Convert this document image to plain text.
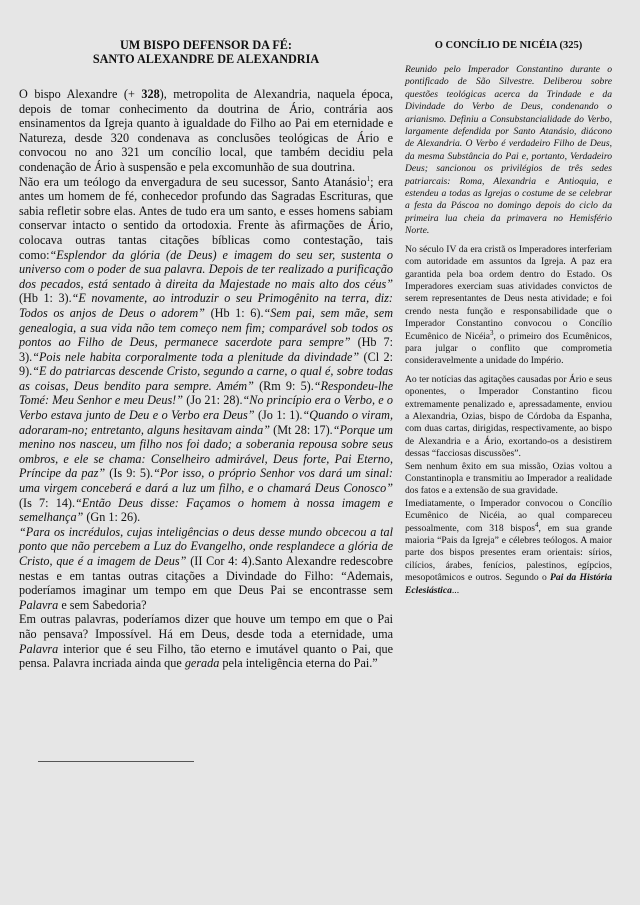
UM BISPO DEFENSOR DA FÉ:
SANTO ALEXANDRE DE ALEXANDRIA

O bispo Alexandre (+ 328), metropolita de Alexandria, naquela época, depois de tomar conhecimento da doutrina de Ário, contrária aos ensinamentos da Igreja quanto à igualdade do Filho ao Pai em eternidade e Natureza, desde 320 condenava as conclusões teológicas de Ário e convocou no ano 321 um concílio local, que também decidiu pela condenação de Ário à suspensão e pela excomunhão de sua doutrina.

Não era um teólogo da envergadura de seu sucessor, Santo Atanásio$^1$; era antes um homem de fé, conhecedor profundo das Sagradas Escrituras, que sabia refletir sobre elas. Antes de tudo era um santo, e esses homens sabiam conservar intacto o sentido da ortodoxia. Frente às afirmações de Ário, colocava outras tantas citações bíblicas como contestação, tais como:“Esplendor da glória (de Deus) e imagem do seu ser, sustenta o universo com o poder de sua palavra. Depois de ter realizado a purificação dos pecados, está sentado à direita da Majestade no mais alto dos céus” (Hb 1: 3).“E novamente, ao introduzir o seu Primogênito na terra, diz: Todos os anjos de Deus o adorem” (Hb 1: 6).“Sem pai, sem mãe, sem genealogia, a sua vida não tem começo nem fim; comparável sob todos os pontos ao Filho de Deus, permanece sacerdote para sempre” (Hb 7: 3).“Pois nele habita corporalmente toda a plenitude da divindade” (Cl 2: 9).“E do patriarcas descende Cristo, segundo a carne, o qual é, sobre todas as coisas, Deus bendito para sempre. Amém” (Rm 9: 5).“Respondeu-lhe Tomé: Meu Senhor e meu Deus!” (Jo 21: 28).“No princípio era o Verbo, e o Verbo estava junto de Deu e o Verbo era Deus” (Jo 1: 1).“Quando o viram, adoraram-no; entretanto, alguns hesitavam ainda” (Mt 28: 17).“Porque um menino nos nasceu, um filho nos foi dado; a soberania repousa sobre seus ombros, e ele se chama: Conselheiro admirável, Deus forte, Pai Eterno, Príncipe da paz” (Is 9: 5).“Por isso, o próprio Senhor vos dará um sinal: uma virgem conceberá e dará a luz um filho, e o chamará Deus Conosco” (Is 7: 14).“Então Deus disse: Façamos o homem à nossa imagem e semelhança” (Gn 1: 26).

“Para os incrédulos, cujas inteligências o deus desse mundo obcecou a tal ponto que não percebem a Luz do Evangelho, onde resplandece a glória de Cristo, que é a imagem de Deus” (II Cor 4: 4).Santo Alexandre redescobre nestas e em tantas outras citações a Divindade do Filho: “Ademais, poderíamos imaginar um tempo em que Deus Pai se encontrasse sem Palavra e sem Sabedoria?

Em outras palavras, poderíamos dizer que houve um tempo em que o Pai não pensava? Impossível. Há em Deus, desde toda a eternidade, uma Palavra interior que é seu Filho, tão eterno e imutável quanto o Pai, que pensa. Palavra incriada ainda que gerada pela inteligência eterna do Pai.”

O CONCÍLIO DE NICÉIA (325)

Reunido pelo Imperador Constantino durante o pontificado de São Silvestre. Deliberou sobre questões teológicas acerca da Trindade e da Divindade do Verbo de Deus, condenando o arianismo. Definiu a Consubstancialidade do Verbo, largamente defendida por Santo Atanásio, diácono de Alexandria. O Verbo é verdadeiro Filho de Deus, da mesma Substância do Pai e, portanto, Verdadeiro Deus; sancionou os privilégios de três sedes patriarcais: Roma, Alexandria e Antioquia, e estendeu a todas as Igrejas o costume de se celebrar a festa da Páscoa no domingo depois do ciclo da primeira lua cheia da primavera no Hemisfério Norte.

No século IV da era cristã os Imperadores interferiam com autoridade em assuntos da Igreja. A paz era garantida pela boa ordem dentro do Estado. Os Imperadores exerciam suas atividades convictos de serem representantes de Deus nesta atividade; e foi crendo nesta função e responsabilidade que o Imperador Constantino convocou o Concílio Ecumênico de Nicéia$^3$, o primeiro dos Ecumênicos, para julgar o conflito que comprometia consideravelmente a unidade do Império.

Ao ter notícias das agitações causadas por Ário e seus oponentes, o Imperador Constantino ficou extremamente penalizado e, apressadamente, enviou a Alexandria, Ozias, bispo de Córdoba da Espanha, com duas cartas, dirigidas, respectivamente, ao bispo de Alexandria e a Ário, exortando-os a desistirem dessas “facciosas discussões”.

Sem nenhum êxito em sua missão, Ozias voltou a Constantinopla e transmitiu ao Imperador a realidade dos fatos e a extensão de sua gravidade.

Imediatamente, o Imperador convocou o Concílio Ecumênico de Nicéia, ao qual compareceu pessoalmente, com 318 bispos$^4$, em sua grande maioria “Pais da Igreja” e célebres teólogos. A maior parte dos bispos presentes eram orientais: sírios, cilícios, árabes, fenícios, palestinos, egípcios, mesopotâmicos e outros. Segundo o Pai da História Eclesiástica...
